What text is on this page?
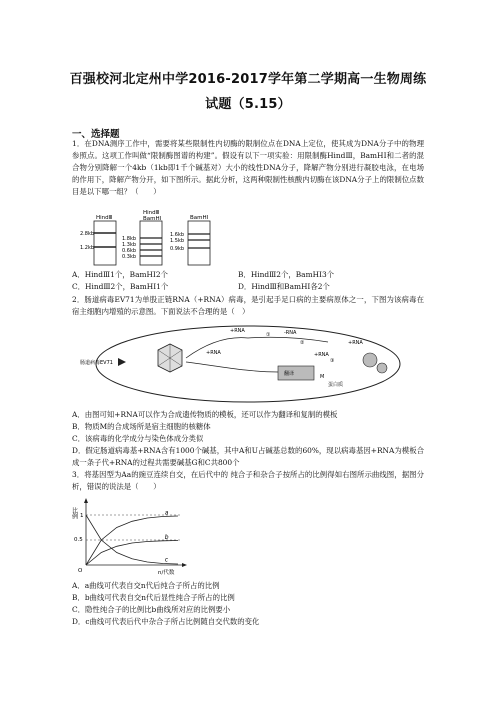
百强校河北定州中学2016-2017学年第二学期高一生物周练
试题（5.15）
一、选择题
1．在DNA测序工作中，需要将某些限制性内切酶的限制位点在DNA上定位，使其成为DNA分子中的物理参照点。这项工作叫做“限制酶图谱的构建”。假设有以下一项实验：用限制酶HindⅢ，BamHⅠ和二者的混合物分别降解一个4kb（1kb即1千个碱基对）大小的线性DNA分子，降解产物分别进行凝胶电泳，在电场的作用下，降解产物分开，如下图所示。据此分析，这两种限制性核酸内切酶在该DNA分子上的限制位点数目是以下哪一组？（　　）
HindⅢ
2.8kb
1.2kb
HindⅢ
BamHⅠ
1.8kb
1.3kb
0.6kb
0.3kb
BamHⅠ
1.6kb
1.5kb
0.9kb
A．HindⅢ1个，BamHⅠ2个	B．HindⅢ2个，BamHⅠ3个
C．HindⅢ2个，BamHⅠ1个	D．HindⅢ和BamHⅠ各2个
2．肠道病毒EV71为单股正链RNA（+RNA）病毒，是引起手足口病的主要病原体之一，下图为该病毒在宿主细胞内增殖的示意图。下面说法不合理的是（　）
肠道病毒EV71
+RNA	-RNA
+RNA
+RNA
①
②
③
+RNA
翻译	M
蛋白质
A．由图可知+RNA可以作为合成遗传物质的模板，还可以作为翻译和复制的模板
B．物质M的合成场所是宿主细胞的核糖体
C．该病毒的化学成分与染色体成分类似
D．假定肠道病毒基+RNA含有1000个碱基，其中A和U占碱基总数的60%，现以病毒基因+RNA为模板合成一条子代+RNA的过程共需要碱基G和C共800个
3．将基因型为Aa的豌豆连续自交，在后代中的 纯合子和杂合子按所占的比例得如右图所示曲线图，据图分析，错误的说法是（　　）
比例 1
0.5
O	n/代数
a
b
c
A．a曲线可代表自交n代后纯合子所占的比例
B．b曲线可代表自交n代后显性纯合子所占的比例
C．隐性纯合子的比例比b曲线所对应的比例要小
D．c曲线可代表后代中杂合子所占比例随自交代数的变化
